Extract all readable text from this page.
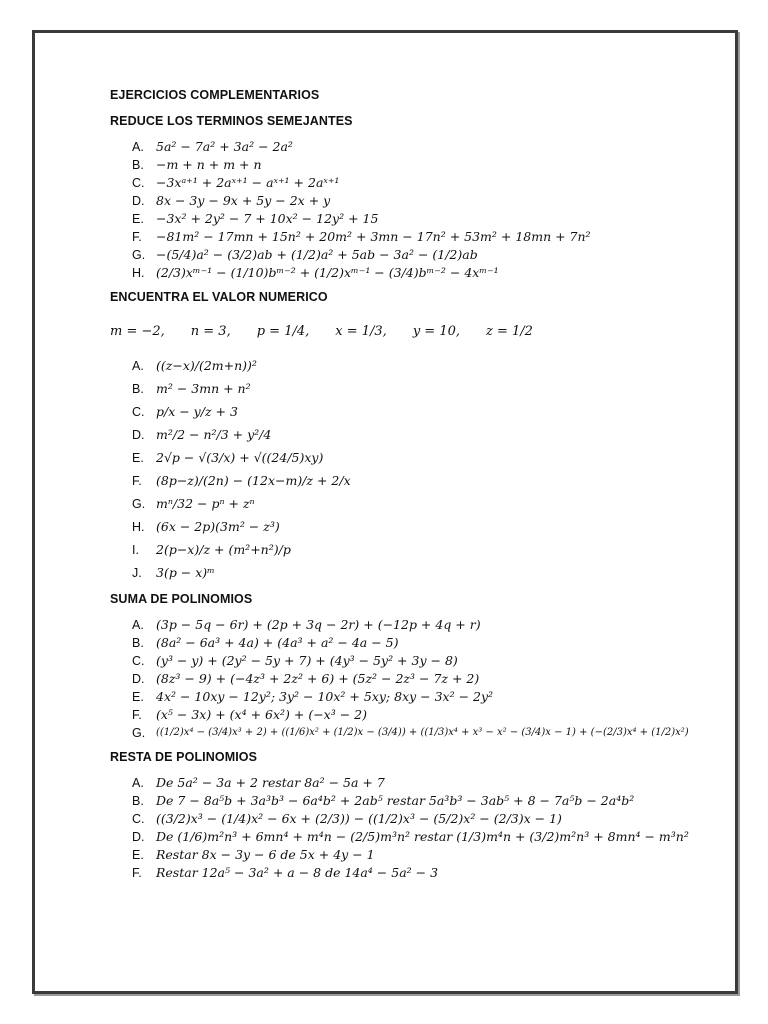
EJERCICIOS COMPLEMENTARIOS
REDUCE LOS TERMINOS SEMEJANTES
A. 5a² − 7a² + 3a² − 2a²
B. −m + n + m + n
C. −3xᵃ⁺¹ + 2aˣ⁺¹ − aˣ⁺¹ + 2aˣ⁺¹
D. 8x − 3y − 9x + 5y − 2x + y
E. −3x² + 2y² − 7 + 10x² − 12y² + 15
F.	−81m² − 17mn + 15n² + 20m² + 3mn − 17n² + 53m² + 18mn + 7n²
G. −(5/4)a² − (3/2)ab + (1/2)a² + 5ab − 3a² − (1/2)ab
H. (2/3)xᵐ⁻¹ − (1/10)bᵐ⁻² + (1/2)xᵐ⁻¹ − (3/4)bᵐ⁻² − 4xᵐ⁻¹
ENCUENTRA EL VALOR NUMERICO
m = −2, n = 3, p = 1/4, x = 1/3, y = 10, z = 1/2
A. ((z−x)/(2m+n))²
B. m² − 3mn + n²
C. p/x − y/z + 3
D. m²/2 − n²/3 + y²/4
E. 2√p − √(3/x) + √((24/5)xy)
F.	(8p−z)/(2n) − (12x−m)/z + 2/x
G. mⁿ/32 − pⁿ + zⁿ
H. (6x − 2p)(3m² − z³)
I.	2(p−x)/z + (m²+n²)/p
J.	3(p − x)ᵐ
SUMA DE POLINOMIOS
A. (3p − 5q − 6r) + (2p + 3q − 2r) + (−12p + 4q + r)
B. (8a² − 6a³ + 4a) + (4a³ + a² − 4a − 5)
C. (y³ − y) + (2y² − 5y + 7) + (4y³ − 5y² + 3y − 8)
D. (8z³ − 9) + (−4z³ + 2z² + 6) + (5z² − 2z³ − 7z + 2)
E. 4x² − 10xy − 12y²; 3y² − 10x² + 5xy; 8xy − 3x² − 2y²
F.	(x⁵ − 3x) + (x⁴ + 6x²) + (−x³ − 2)
G.	((1/2)x⁴ − (3/4)x³ + 2) + ((1/6)x² + (1/2)x − (3/4)) + ((1/3)x⁴ + x³ − x² − (3/4)x − 1) + (−(2/3)x⁴ + (1/2)x²)
RESTA DE POLINOMIOS
A. De 5a² − 3a + 2 restar 8a² − 5a + 7
B. De 7 − 8a⁵b + 3a³b³ − 6a⁴b² + 2ab⁵ restar 5a³b³ − 3ab⁵ + 8 − 7a⁵b − 2a⁴b²
C. ((3/2)x³ − (1/4)x² − 6x + (2/3)) − ((1/2)x³ − (5/2)x² − (2/3)x − 1)
D. De (1/6)m²n³ + 6mn⁴ + m⁴n − (2/5)m³n² restar (1/3)m⁴n + (3/2)m²n³ + 8mn⁴ − m³n²
E. Restar 8x − 3y − 6 de 5x + 4y − 1
F.	Restar 12a⁵ − 3a² + a − 8 de 14a⁴ − 5a² − 3
